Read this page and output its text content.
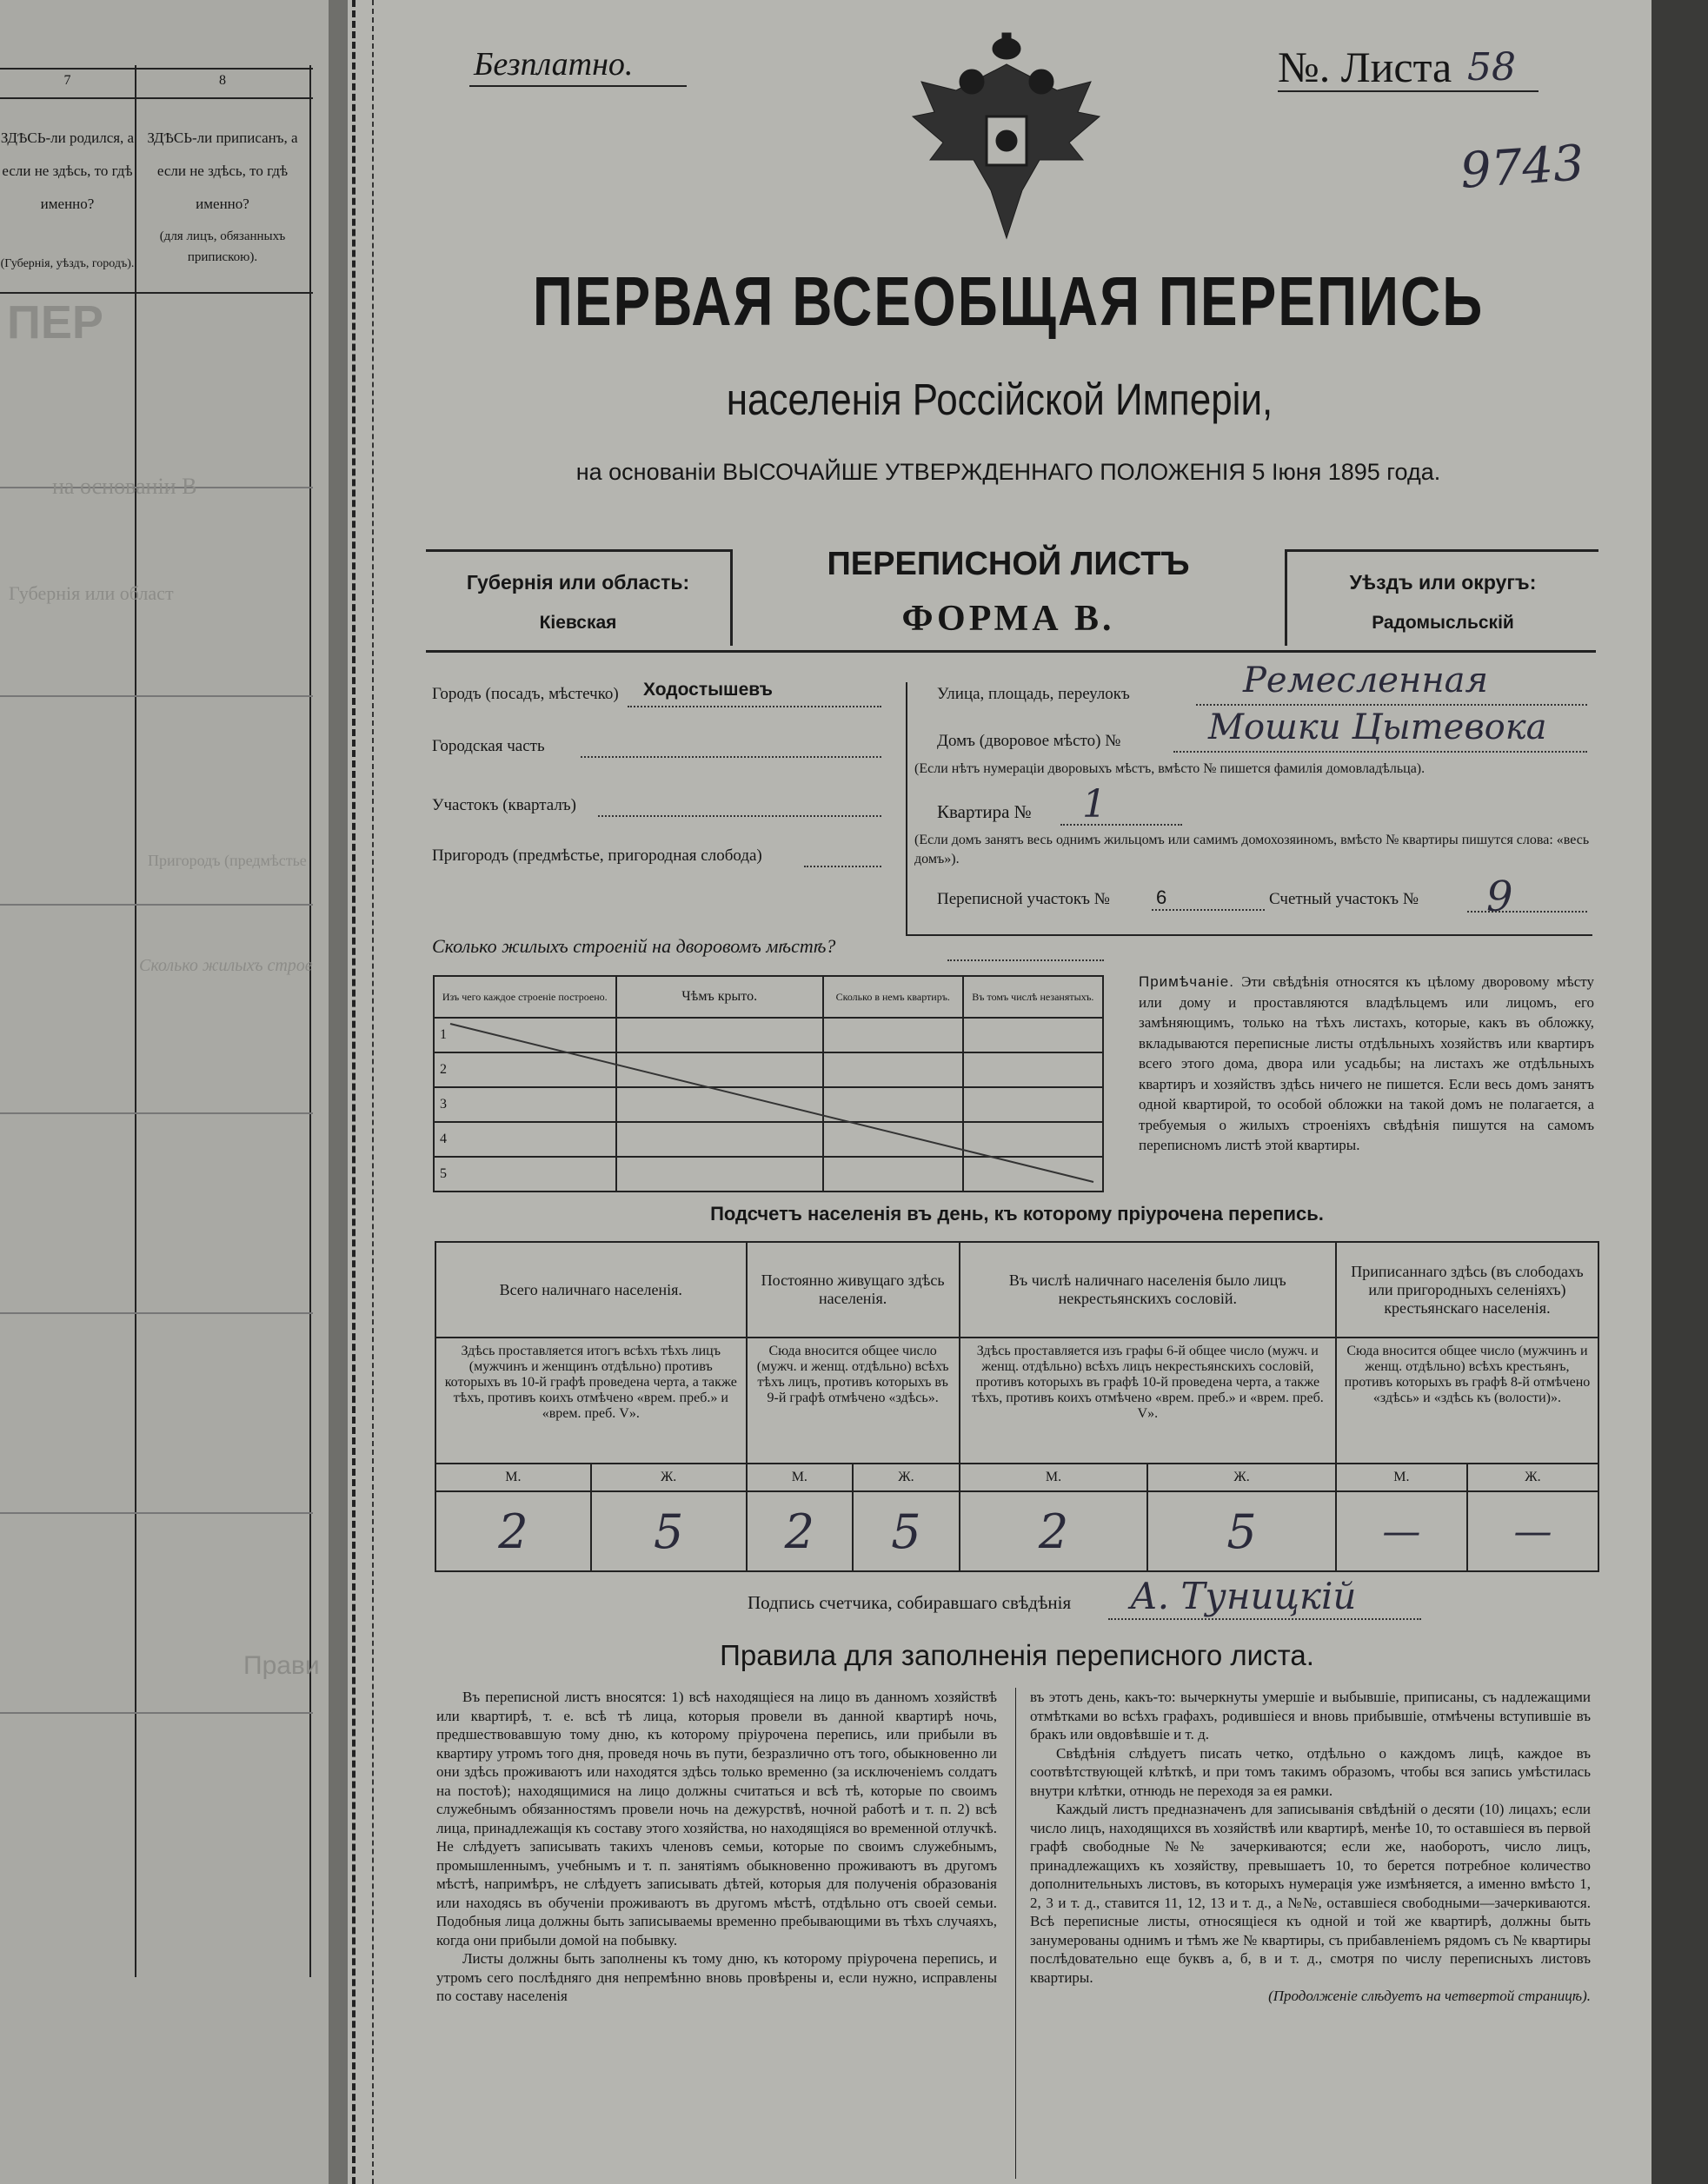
7	8
ЗДѢСЬ-ли родился, а если не здѣсь, то гдѣ именно?
(Губернія, уѣздъ, городъ).
ЗДѢСЬ-ли приписанъ, а если не здѣсь, то гдѣ именно?
(для лицъ, обязанныхъ припискою).
ПЕР
на основаніи В
Губернія или област
Пригородъ (предмѣстье
Сколько жилыхъ строе
Прави
Безплатно.	№. Листа 58
9743
ПЕРВАЯ ВСЕОБЩАЯ ПЕРЕПИСЬ
населенія Россійской Имперіи,
на основаніи ВЫСОЧАЙШЕ УТВЕРЖДЕННАГО ПОЛОЖЕНІЯ 5 Іюня 1895 года.
Губернія или область:
Кіевская
ПЕРЕПИСНОЙ ЛИСТЪ
ФОРМА В.
Уѣздъ или округъ:
Радомысльскій
Городъ (посадъ, мѣстечко) Ходостышевъ
Городская часть
Участокъ (кварталъ)
Пригородъ (предмѣстье, пригородная слобода)
Улица, площадь, переулокъ	Ремесленная
Домъ (дворовое мѣсто) №	Мошки Цытевока
(Если нѣтъ нумераціи дворовыхъ мѣстъ, вмѣсто № пишется фамилія домовладѣльца).
Квартира № 1
(Если домъ занятъ весь однимъ жильцомъ или самимъ домохозяиномъ, вмѣсто № квартиры пишутся слова: «весь домъ»).
Переписной участокъ № 6	Счетный участокъ № 9
Сколько жилыхъ строеній на дворовомъ мѣстѣ?
Изъ чего каждое строеніе построено.	Чѣмъ крыто.	Сколько в немъ квартиръ.	Въ томъ числѣ незанятыхъ.
1			
2			
3			
4			
5			
Примѣчаніе. Эти свѣдѣнія относятся къ цѣлому дворовому мѣсту или дому и проставляются владѣльцемъ или лицомъ, его замѣняющимъ, только на тѣхъ листахъ, которые, какъ въ обложку, вкладываются переписные листы отдѣльныхъ хозяйствъ или квартиръ всего этого дома, двора или усадьбы; на листахъ же отдѣльныхъ квартиръ и хозяйствъ здѣсь ничего не пишется. Если весь домъ занятъ одной квартирой, то особой обложки на такой домъ не полагается, а требуемыя о жилыхъ строеніяхъ свѣдѣнія пишутся на самомъ переписномъ листѣ этой квартиры.
Подсчетъ населенія въ день, къ которому пріурочена перепись.
Всего наличнаго населенія.		Постоянно живущаго здѣсь населенія.		Въ числѣ наличнаго населенія было лицъ некрестьянскихъ сословій.		Приписаннаго здѣсь (въ слободахъ или пригородныхъ селеніяхъ) крестьянскаго населенія.	
Здѣсь проставляется итогъ всѣхъ тѣхъ лицъ (мужчинъ и женщинъ отдѣльно) противъ которыхъ въ 10-й графѣ проведена черта, а также тѣхъ, противъ коихъ отмѣчено «врем. преб.» и «врем. преб. V».		Сюда вносится общее число (мужч. и женщ. отдѣльно) всѣхъ тѣхъ лицъ, противъ которыхъ въ 9-й графѣ отмѣчено «здѣсь».		Здѣсь проставляется изъ графы 6-й общее число (мужч. и женщ. отдѣльно) всѣхъ лицъ некрестьянскихъ сословій, противъ которыхъ въ графѣ 10-й проведена черта, а также тѣхъ, противъ коихъ отмѣчено «врем. преб.» и «врем. преб. V».		Сюда вносится общее число (мужчинъ и женщ. отдѣльно) всѣхъ крестьянъ, противъ которыхъ въ графѣ 8-й отмѣчено «здѣсь» и «здѣсь къ (волости)».	
М.	Ж.	М.	Ж.	М.	Ж.	М.	Ж.
2	5	2	5	2	5	—	—
Подпись счетчика, собиравшаго свѣдѣнія А. Туницкій
Правила для заполненія переписного листа.

Въ переписной листъ вносятся: 1) всѣ находящіеся на лицо въ данномъ хозяйствѣ или квартирѣ, т. е. всѣ тѣ лица, которыя провели въ данной квартирѣ ночь, предшествовавшую тому дню, къ которому пріурочена перепись, или прибыли въ квартиру утромъ того дня, проведя ночь въ пути, безразлично отъ того, обыкновенно ли они здѣсь проживаютъ или находятся здѣсь только временно (за исключеніемъ солдатъ на постоѣ); находящимися на лицо должны считаться и всѣ тѣ, которые по своимъ служебнымъ обязанностямъ провели ночь на дежурствѣ, ночной работѣ и т. п. 2) всѣ лица, принадлежащія къ составу этого хозяйства, но находящіяся во временной отлучкѣ. Не слѣдуетъ записывать такихъ членовъ семьи, которые по своимъ служебнымъ, промышленнымъ, учебнымъ и т. п. занятіямъ обыкновенно проживаютъ въ другомъ мѣстѣ, напримѣръ, не слѣдуетъ записывать дѣтей, которыя для полученія образованія или находясь въ обученіи проживаютъ въ другомъ мѣстѣ, отдѣльно отъ своей семьи. Подобныя лица должны быть записываемы временно пребывающими въ тѣхъ случаяхъ, когда они прибыли домой на побывку.

Листы должны быть заполнены къ тому дню, къ которому пріурочена перепись, и утромъ сего послѣдняго дня непремѣнно вновь провѣрены и, если нужно, исправлены по составу населенія

въ этотъ день, какъ-то: вычеркнуты умершіе и выбывшіе, приписаны, съ надлежащими отмѣтками во всѣхъ графахъ, родившіеся и вновь прибывшіе, отмѣчены вступившіе въ бракъ или овдовѣвшіе и т. д.

Свѣдѣнія слѣдуетъ писать четко, отдѣльно о каждомъ лицѣ, каждое въ соотвѣтствующей клѣткѣ, и при томъ такимъ образомъ, чтобы вся запись умѣстилась внутри клѣтки, отнюдь не переходя за ея рамки.

Каждый листъ предназначенъ для записыванія свѣдѣній о десяти (10) лицахъ; если число лицъ, находящихся въ хозяйствѣ или квартирѣ, менѣе 10, то оставшіеся въ первой графѣ свободные №№ зачеркиваются; если же, наоборотъ, число лицъ, принадлежащихъ къ хозяйству, превышаетъ 10, то берется потребное количество дополнительныхъ листовъ, въ которыхъ нумерація уже измѣняется, а именно вмѣсто 1, 2, 3 и т. д., ставится 11, 12, 13 и т. д., а №№, оставшіеся свободными—зачеркиваются. Всѣ переписные листы, относящіеся къ одной и той же квартирѣ, должны быть занумерованы однимъ и тѣмъ же № квартиры, съ прибавленіемъ рядомъ съ № квартиры послѣдовательно еще буквъ а, б, в и т. д., смотря по числу переписныхъ листовъ квартиры.

(Продолженіе слѣдуетъ на четвертой страницѣ).
